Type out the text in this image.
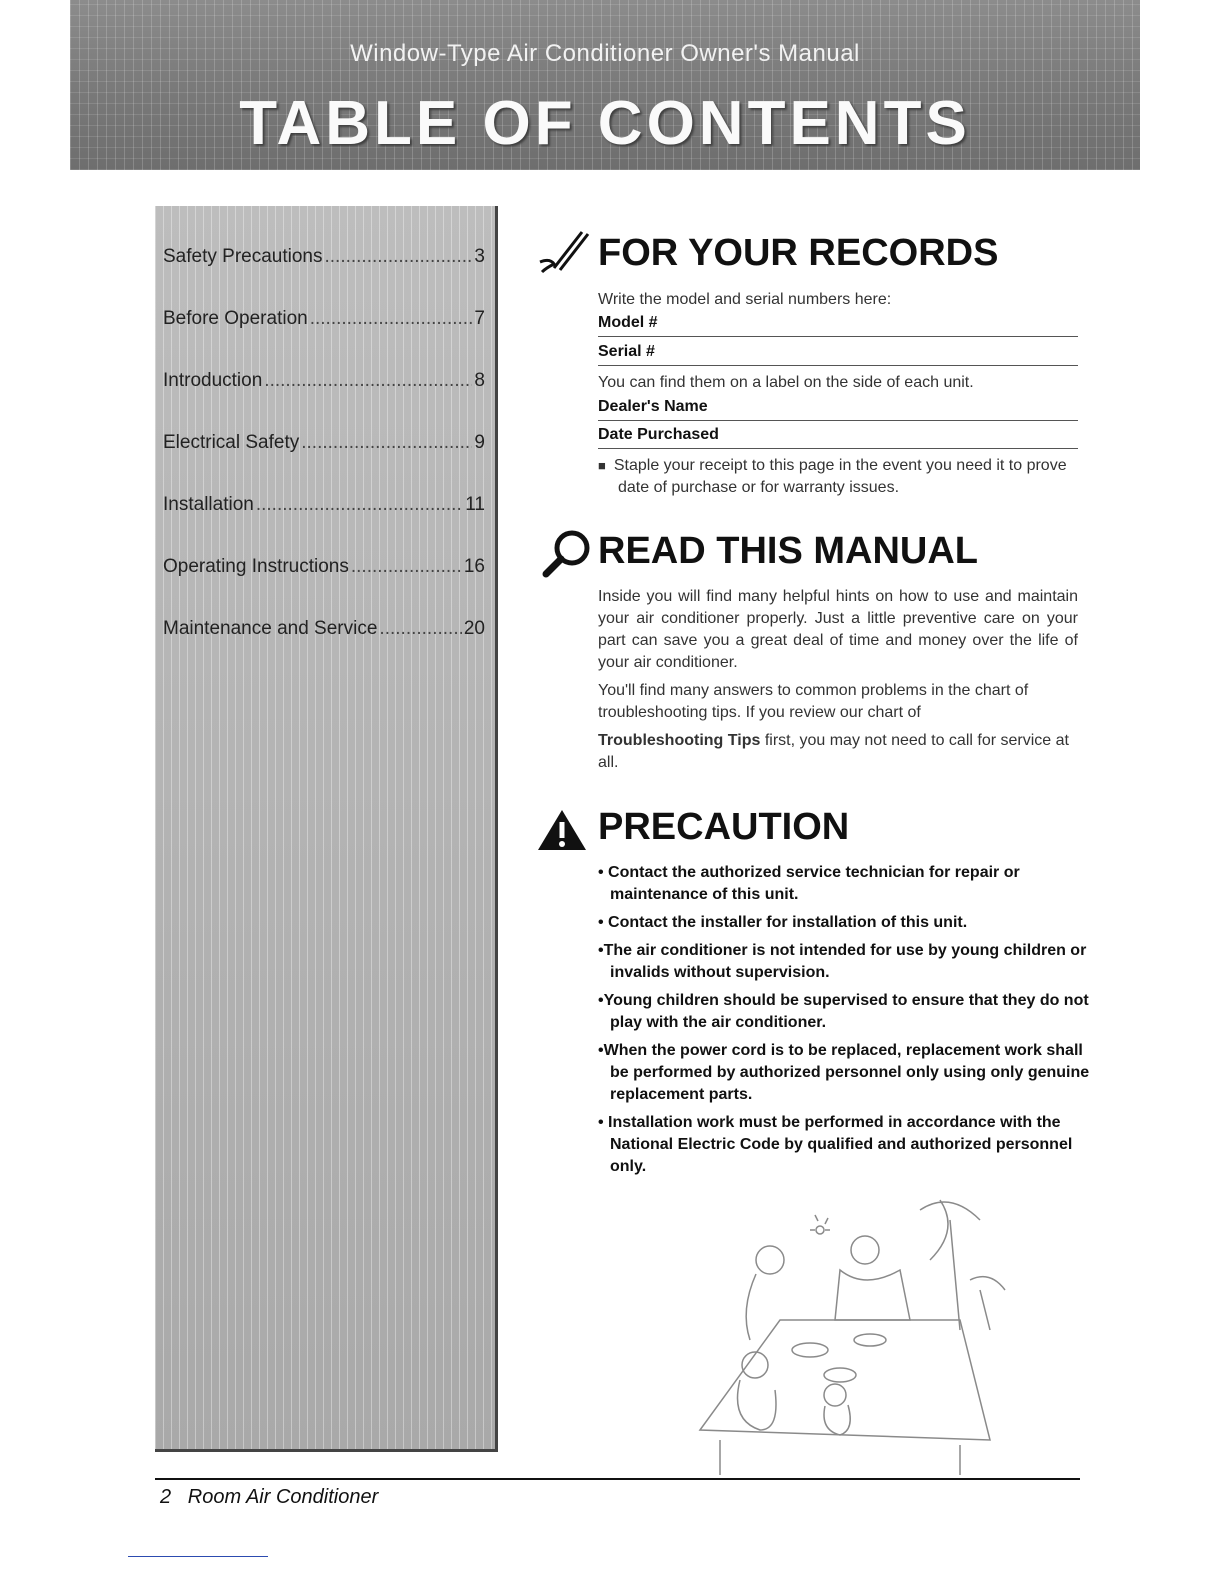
Window-Type Air Conditioner Owner's Manual
TABLE OF CONTENTS
Safety Precautions .....	3
Before Operation .....	7
Introduction .....	8
Electrical Safety .....	9
Installation .....	11
Operating Instructions .....	16
Maintenance and Service .....	20
FOR YOUR RECORDS
Write the model and serial numbers here:
Model #
Serial #
You can find them on a label on the side of each unit.
Dealer's Name
Date Purchased
■ Staple your receipt to this page in the event you need it to prove date of purchase or for warranty issues.
READ THIS MANUAL
Inside you will find many helpful hints on how to use and maintain your air conditioner properly. Just a little preventive care on your part can save you a great deal of time and money over the life of your air conditioner.
You'll find many answers to common problems in the chart of troubleshooting tips. If you review our chart of
Troubleshooting Tips first, you may not need to call for service at all.
PRECAUTION
• Contact the authorized service technician for repair or maintenance of this unit.
• Contact the installer for installation of this unit.
•The air conditioner is not intended for use by young children or invalids without supervision.
•Young children should be supervised to ensure that they do not play with the air conditioner.
•When the power cord is to be replaced, replacement work shall be performed by authorized personnel only using only genuine replacement parts.
• Installation work must be performed in accordance with the National Electric Code by qualified and authorized personnel only.
2 Room Air Conditioner
